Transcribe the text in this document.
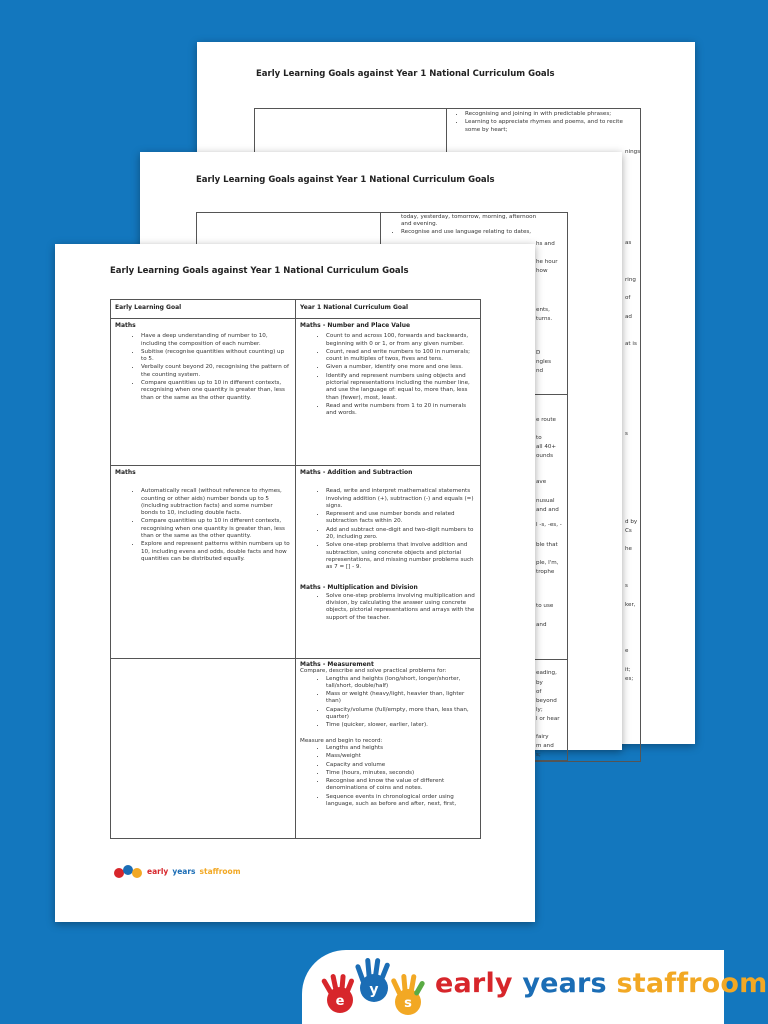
Early Learning Goals against Year 1 National Curriculum Goals
• Recognising and joining in with predictable phrases;
• Learning to appreciate rhymes and poems, and to recite some by heart;
nings
as
ring
of
ad
at is
s
d by
Cs
he
s
ker,
e
it;
es;
Early Learning Goals against Year 1 National Curriculum Goals

today, yesterday, tomorrow, morning, afternoon

and evening.

• Recognise and use language relating to dates,
hs and
he hour
how
ents,
turns.
D
ngles
nd
e route
to
all 40+
ounds
ave
nusual
and and
l -s, -es, -
ble that
ple, I'm,
trophe
to use
and
eading,
by
of
beyond
ly;
l or hear
fairy
m and
s;
Early Learning Goals against Year 1 National Curriculum Goals
Early Learning Goal	Year 1 National Curriculum Goal

Maths

• Have a deep understanding of number to 10, including the composition of each number.
• Subitise (recognise quantities without counting) up to 5.
• Verbally count beyond 20, recognising the pattern of the counting system.
• Compare quantities up to 10 in different contexts, recognising when one quantity is greater than, less than or the same as the other quantity.

Maths - Number and Place Value

• Count to and across 100, forwards and backwards, beginning with 0 or 1, or from any given number.
• Count, read and write numbers to 100 in numerals; count in multiples of twos, fives and tens.
• Given a number, identify one more and one less.
• Identify and represent numbers using objects and pictorial representations including the number line, and use the language of: equal to, more than, less than (fewer), most, least.
• Read and write numbers from 1 to 20 in numerals and words.

Maths

• Automatically recall (without reference to rhymes, counting or other aids) number bonds up to 5 (including subtraction facts) and some number bonds to 10, including double facts.
• Compare quantities up to 10 in different contexts, recognising when one quantity is greater than, less than or the same as the other quantity.
• Explore and represent patterns within numbers up to 10, including evens and odds, double facts and how quantities can be distributed equally.

Maths - Addition and Subtraction

• Read, write and interpret mathematical statements involving addition (+), subtraction (-) and equals (=) signs.
• Represent and use number bonds and related subtraction facts within 20.
• Add and subtract one-digit and two-digit numbers to 20, including zero.
• Solve one-step problems that involve addition and subtraction, using concrete objects and pictorial representations, and missing number problems such as 7 = [] - 9.

Maths - Multiplication and Division

• Solve one-step problems involving multiplication and division, by calculating the answer using concrete objects, pictorial representations and arrays with the support of the teacher.

Maths - Measurement

Compare, describe and solve practical problems for:

• Lengths and heights (long/short, longer/shorter, tall/short, double/half)
• Mass or weight (heavy/light, heavier than, lighter than)
• Capacity/volume (full/empty, more than, less than, quarter)
• Time (quicker, slower, earlier, later).

Measure and begin to record:

• Lengths and heights
• Mass/weight
• Capacity and volume
• Time (hours, minutes, seconds)
• Recognise and know the value of different denominations of coins and notes.
• Sequence events in chronological order using language, such as before and after, next, first,
early years staffroom
e
y
s
early years staffroom
